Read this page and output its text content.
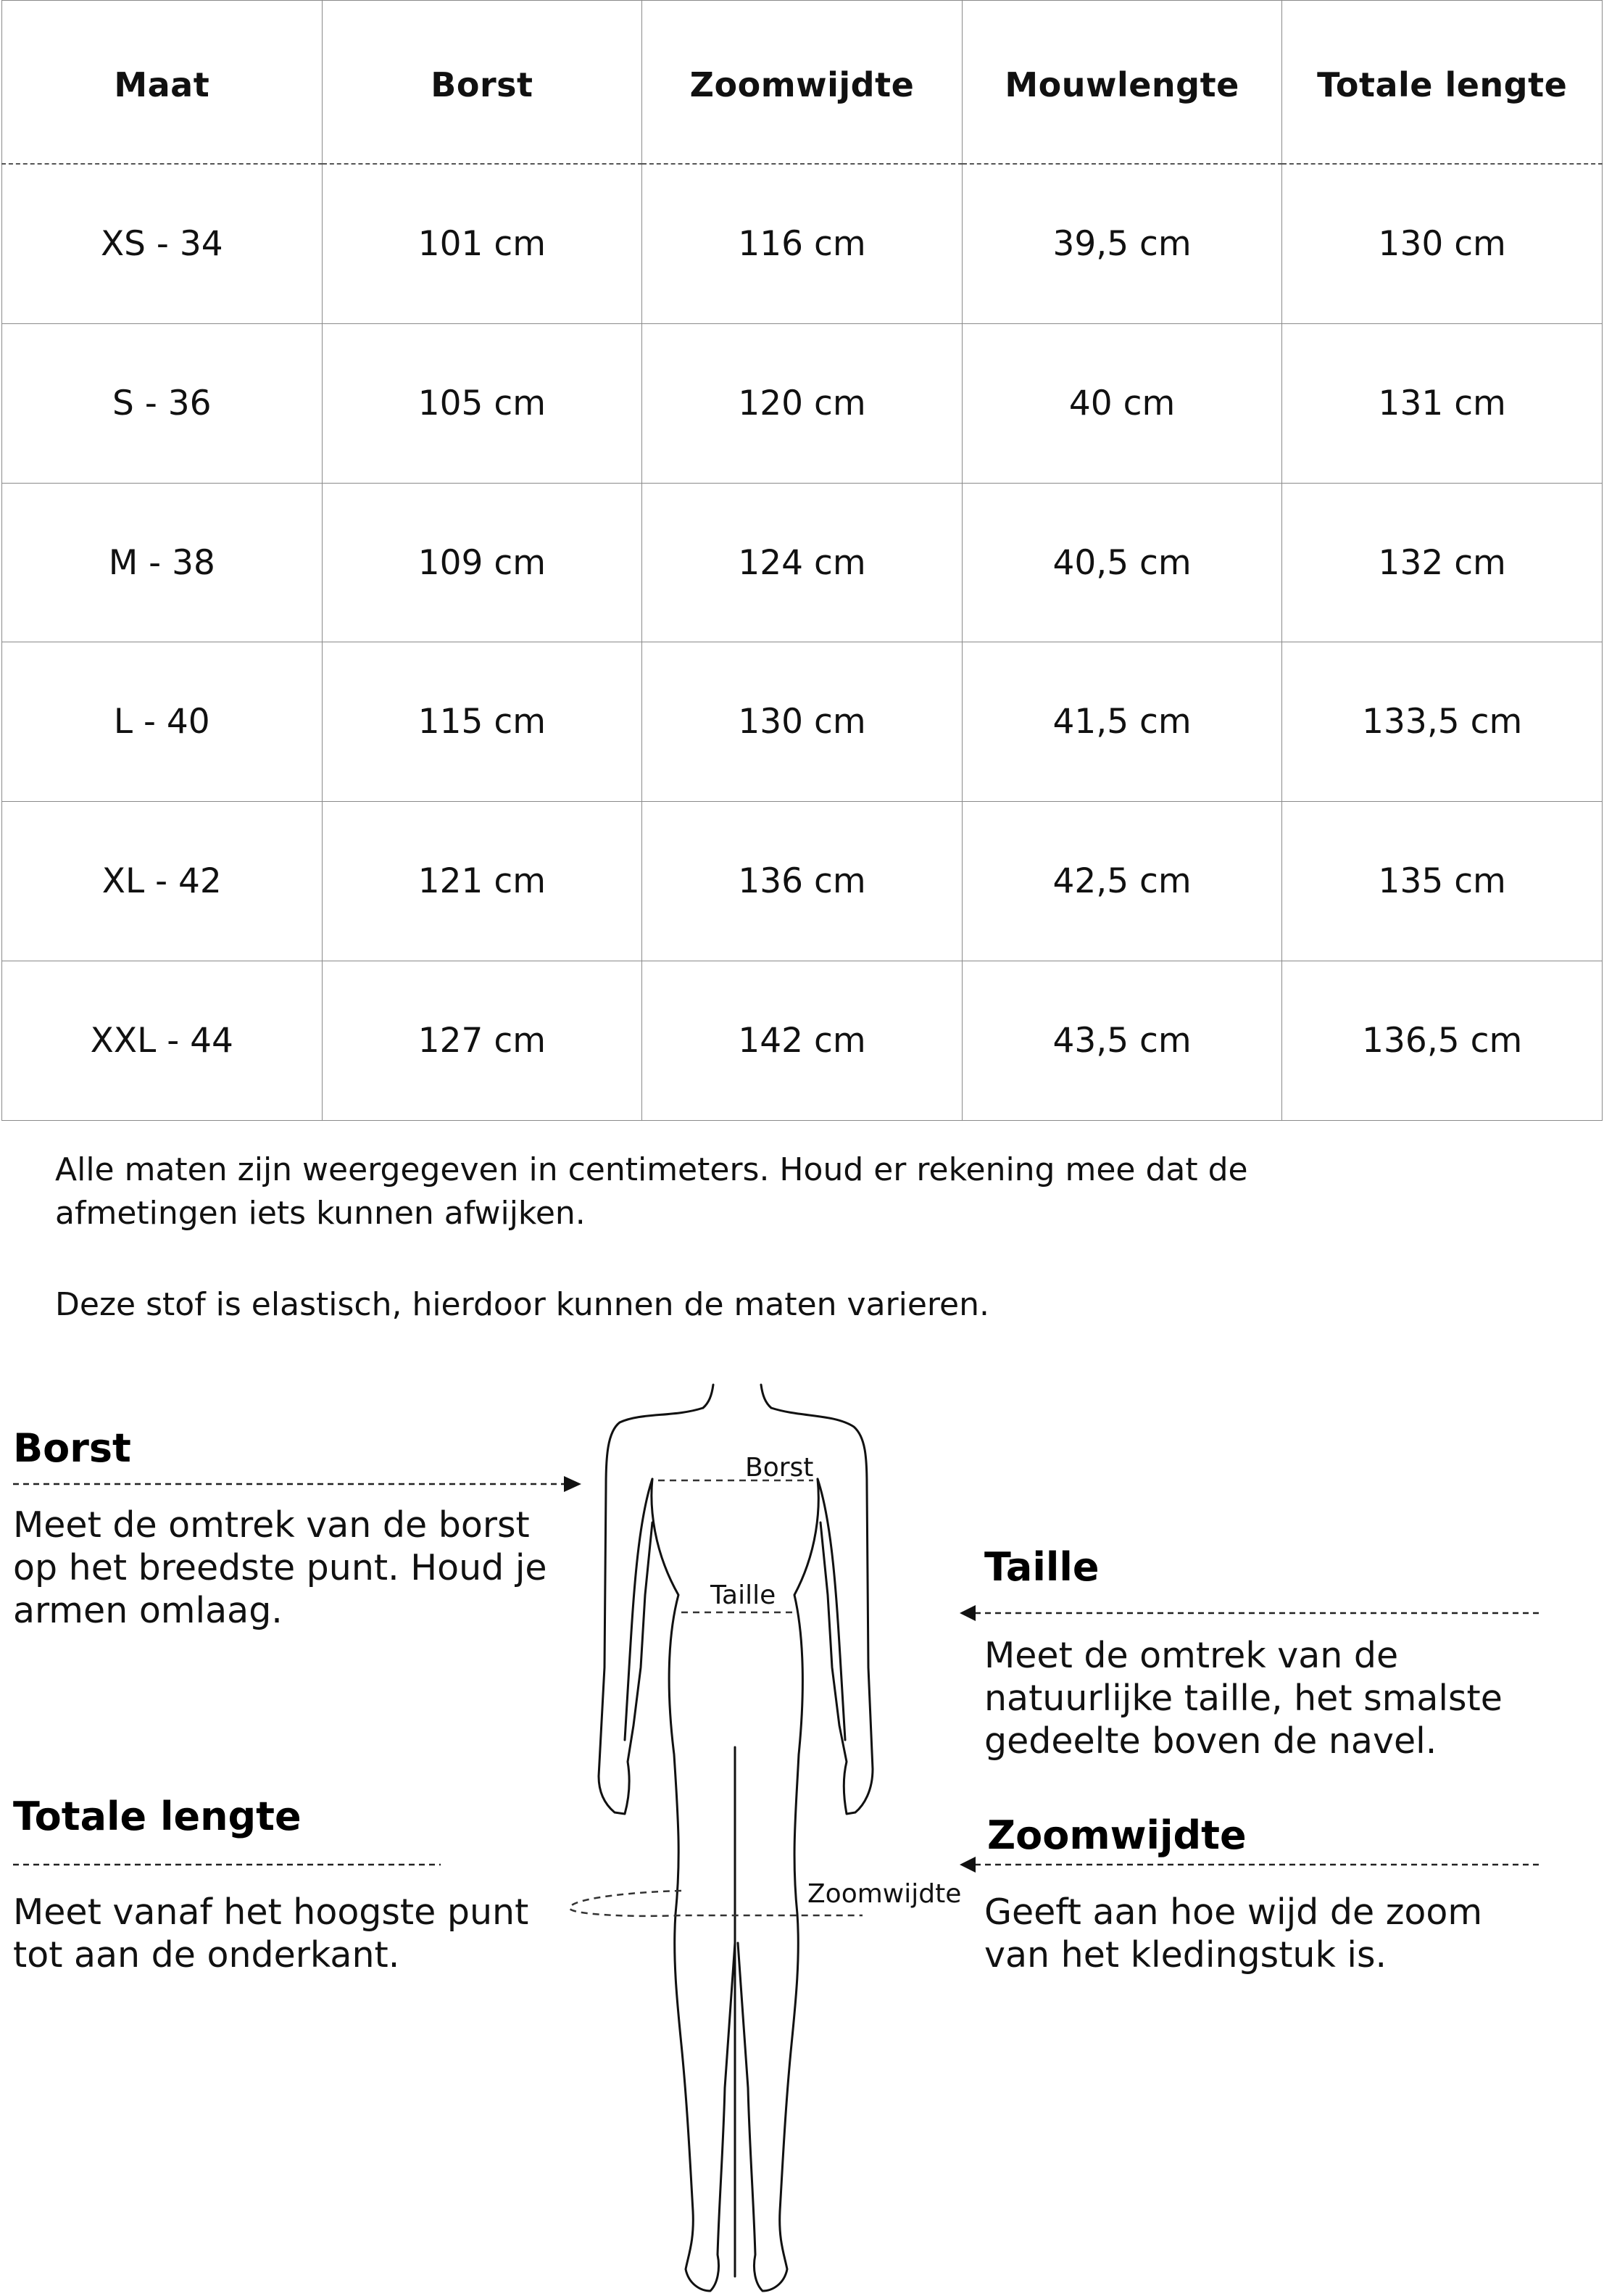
Maat	Borst	Zoomwijdte	Mouwlengte	Totale lengte
XS - 34	101 cm	116 cm	39,5 cm	130 cm
S - 36	105 cm	120 cm	40 cm	131 cm
M - 38	109 cm	124 cm	40,5 cm	132 cm
L - 40	115 cm	130 cm	41,5 cm	133,5 cm
XL - 42	121 cm	136 cm	42,5 cm	135 cm
XXL - 44	127 cm	142 cm	43,5 cm	136,5 cm

Alle maten zijn weergegeven in centimeters. Houd er rekening mee dat de afmetingen iets kunnen afwijken.

Deze stof is elastisch, hierdoor kunnen de maten varieren.

Borst
Taille
Zoomwijdte

Borst

Meet de omtrek van de borst

op het breedste punt. Houd je

armen omlaag.

Taille

Meet de omtrek van de

natuurlijke taille, het smalste

gedeelte boven de navel.

Totale lengte

Meet vanaf het hoogste punt

tot aan de onderkant.

Zoomwijdte

Geeft aan hoe wijd de zoom

van het kledingstuk is.
